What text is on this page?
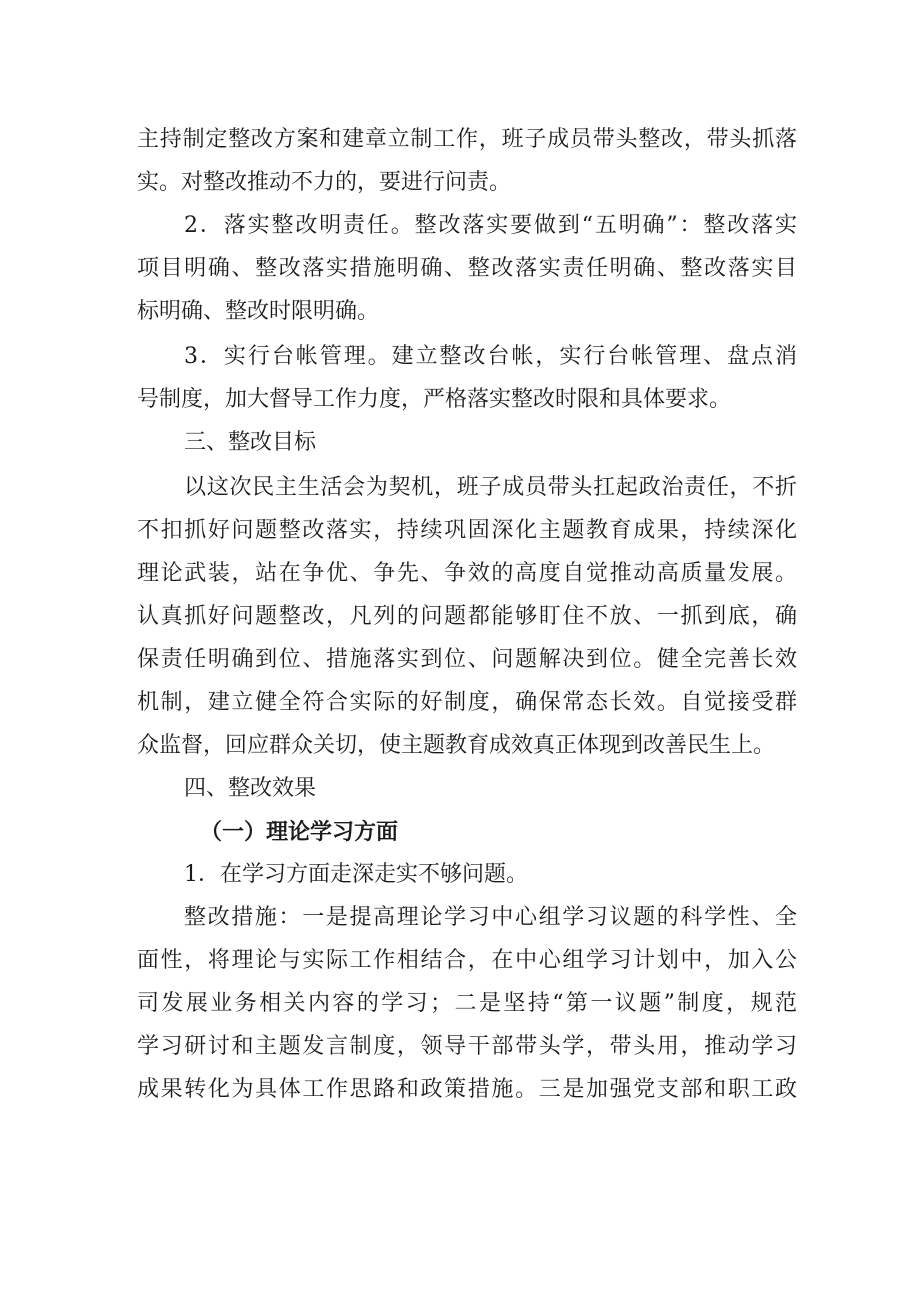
主持制定整改方案和建章立制工作，班子成员带头整改，带头抓落
实。对整改推动不力的，要进行问责。
2．落实整改明责任。整改落实要做到“五明确”：整改落实
项目明确、整改落实措施明确、整改落实责任明确、整改落实目
标明确、整改时限明确。
3．实行台帐管理。建立整改台帐，实行台帐管理、盘点消
号制度，加大督导工作力度，严格落实整改时限和具体要求。
三、整改目标
以这次民主生活会为契机，班子成员带头扛起政治责任，不折
不扣抓好问题整改落实，持续巩固深化主题教育成果，持续深化
理论武装，站在争优、争先、争效的高度自觉推动高质量发展。
认真抓好问题整改，凡列的问题都能够盯住不放、一抓到底，确
保责任明确到位、措施落实到位、问题解决到位。健全完善长效
机制，建立健全符合实际的好制度，确保常态长效。自觉接受群
众监督，回应群众关切，使主题教育成效真正体现到改善民生上。
四、整改效果
（一）理论学习方面
1．在学习方面走深走实不够问题。
整改措施：一是提高理论学习中心组学习议题的科学性、全
面性，将理论与实际工作相结合，在中心组学习计划中，加入公
司发展业务相关内容的学习；二是坚持“第一议题”制度，规范
学习研讨和主题发言制度，领导干部带头学，带头用，推动学习
成果转化为具体工作思路和政策措施。三是加强党支部和职工政
